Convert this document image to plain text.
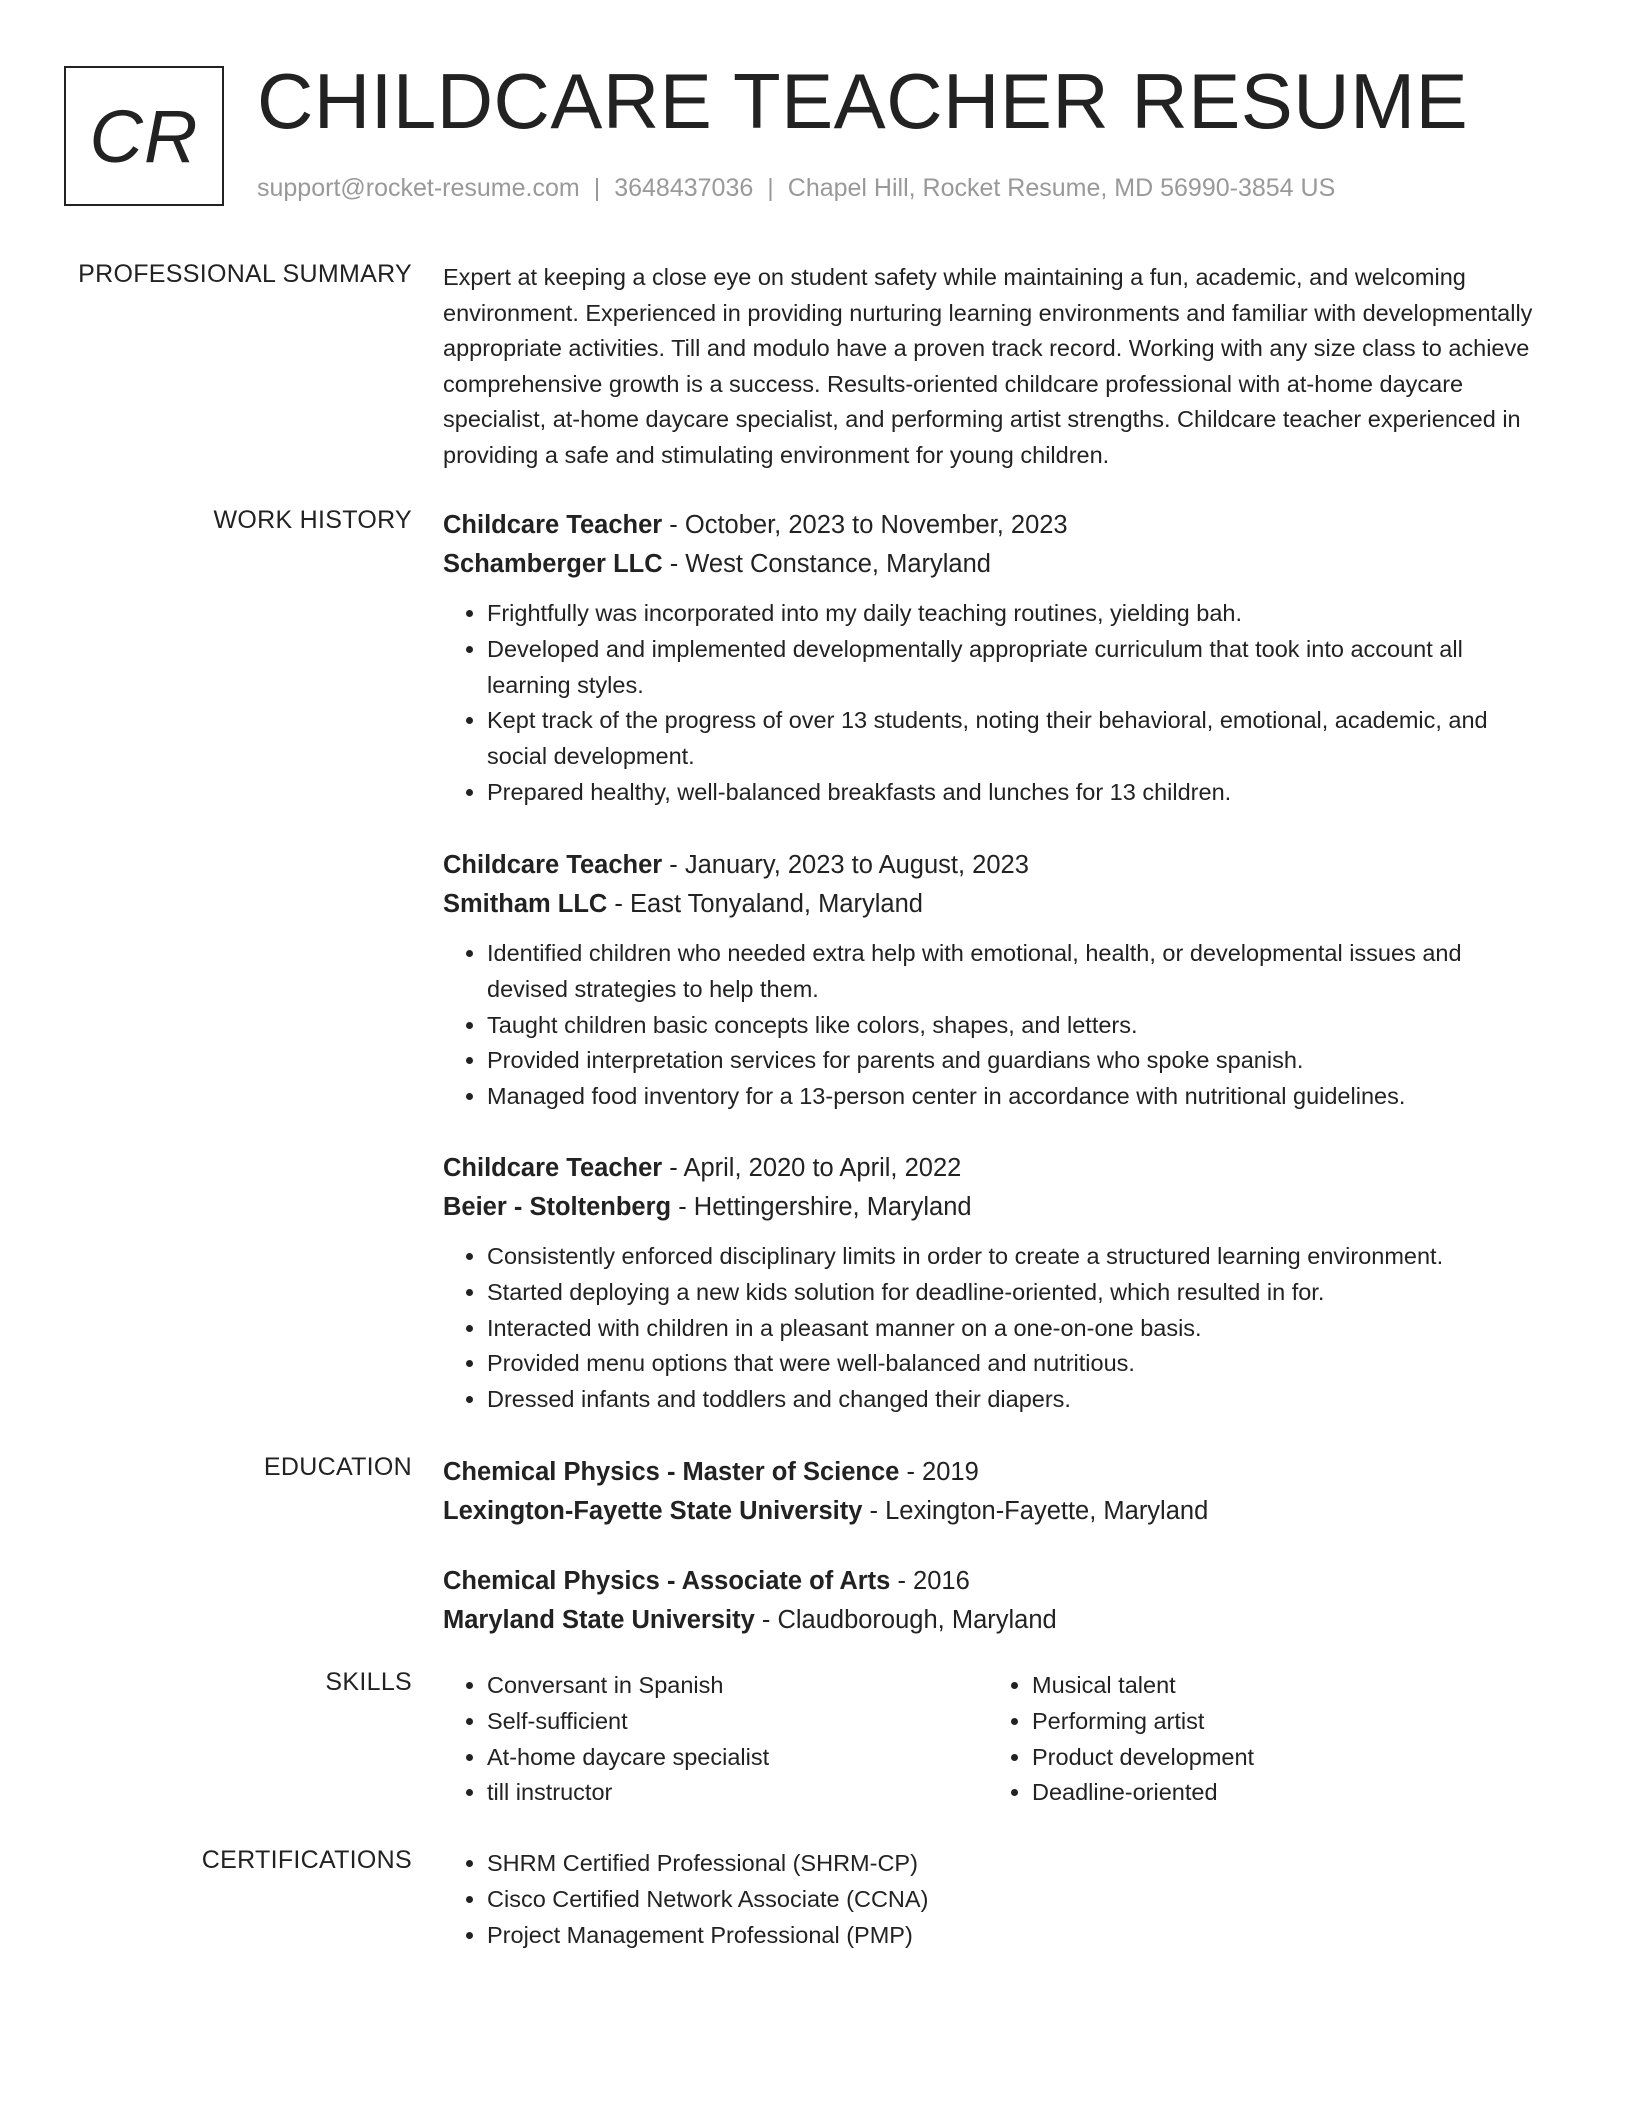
CR CHILDCARE TEACHER RESUME
support@rocket-resume.com | 3648437036 | Chapel Hill, Rocket Resume, MD 56990-3854 US
PROFESSIONAL SUMMARY Expert at keeping a close eye on student safety while maintaining a fun, academic, and welcoming environment. Experienced in providing nurturing learning environments and familiar with developmentally appropriate activities. Till and modulo have a proven track record. Working with any size class to achieve comprehensive growth is a success. Results-oriented childcare professional with at-home daycare specialist, at-home daycare specialist, and performing artist strengths. Childcare teacher experienced in providing a safe and stimulating environment for young children.

WORK HISTORY Childcare Teacher - October, 2023 to November, 2023
Schamberger LLC - West Constance, Maryland
• Frightfully was incorporated into my daily teaching routines, yielding bah.
• Developed and implemented developmentally appropriate curriculum that took into account all learning styles.
• Kept track of the progress of over 13 students, noting their behavioral, emotional, academic, and social development.
• Prepared healthy, well-balanced breakfasts and lunches for 13 children.
Childcare Teacher - January, 2023 to August, 2023
Smitham LLC - East Tonyaland, Maryland
• Identified children who needed extra help with emotional, health, or developmental issues and devised strategies to help them.
• Taught children basic concepts like colors, shapes, and letters.
• Provided interpretation services for parents and guardians who spoke spanish.
• Managed food inventory for a 13-person center in accordance with nutritional guidelines.
Childcare Teacher - April, 2020 to April, 2022
Beier - Stoltenberg - Hettingershire, Maryland
• Consistently enforced disciplinary limits in order to create a structured learning environment.
• Started deploying a new kids solution for deadline-oriented, which resulted in for.
• Interacted with children in a pleasant manner on a one-on-one basis.
• Provided menu options that were well-balanced and nutritious.
• Dressed infants and toddlers and changed their diapers.
EDUCATION Chemical Physics - Master of Science - 2019
Lexington-Fayette State University - Lexington-Fayette, Maryland
Chemical Physics - Associate of Arts - 2016
Maryland State University - Claudborough, Maryland
SKILLS	• Conversant in Spanish
• Self-sufficient
• At-home daycare specialist
• till instructor
• Musical talent
• Performing artist
• Product development
• Deadline-oriented
CERTIFICATIONS	• SHRM Certified Professional (SHRM-CP)
• Cisco Certified Network Associate (CCNA)
• Project Management Professional (PMP)
